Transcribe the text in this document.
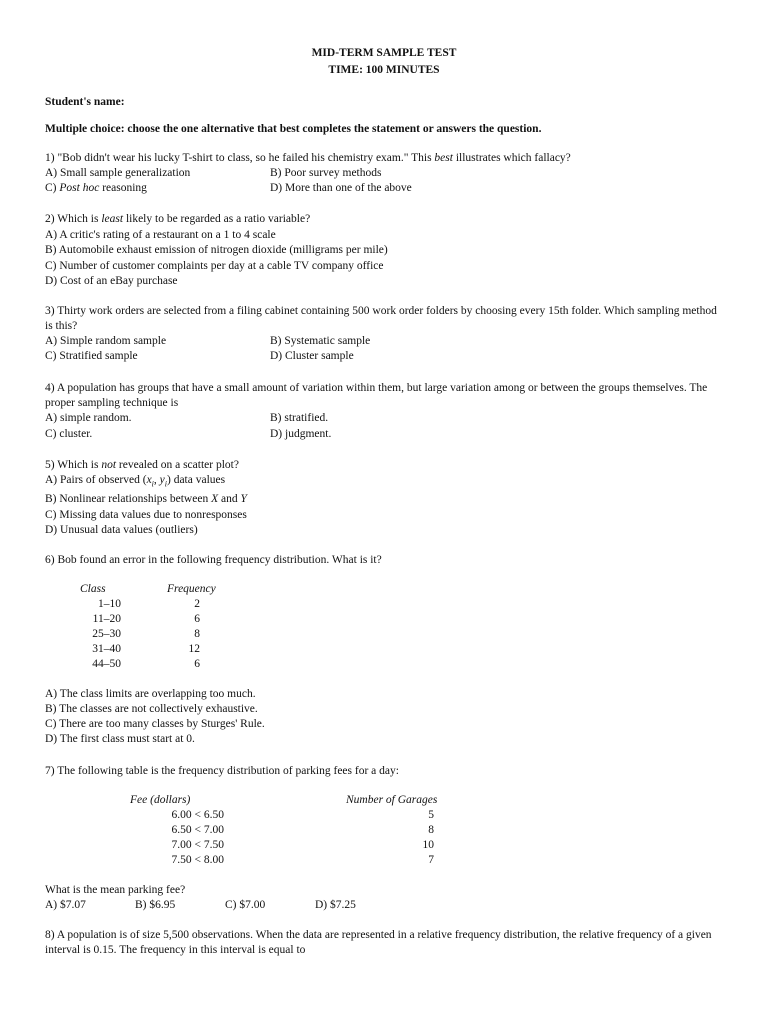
MID-TERM SAMPLE TEST
TIME: 100 MINUTES
Student's name:
Multiple choice: choose the one alternative that best completes the statement or answers the question.
1) "Bob didn't wear his lucky T-shirt to class, so he failed his chemistry exam." This best illustrates which fallacy?
A) Small sample generalization	B) Poor survey methods
C) Post hoc reasoning	D) More than one of the above
2) Which is least likely to be regarded as a ratio variable?
A) A critic's rating of a restaurant on a 1 to 4 scale
B) Automobile exhaust emission of nitrogen dioxide (milligrams per mile)
C) Number of customer complaints per day at a cable TV company office
D) Cost of an eBay purchase
3) Thirty work orders are selected from a filing cabinet containing 500 work order folders by choosing every 15th folder. Which sampling method is this?
A) Simple random sample	B) Systematic sample
C) Stratified sample	D) Cluster sample
4) A population has groups that have a small amount of variation within them, but large variation among or between the groups themselves. The proper sampling technique is
A) simple random.	B) stratified.
C) cluster.	D) judgment.
5) Which is not revealed on a scatter plot?
A) Pairs of observed ($x_i$, $y_i$) data values
B) Nonlinear relationships between X and Y
C) Missing data values due to nonresponses
D) Unusual data values (outliers)
6) Bob found an error in the following frequency distribution. What is it?
Class	Frequency
1–10	2
11–20	6
25–30	8
31–40	12
44–50	6
A) The class limits are overlapping too much.
B) The classes are not collectively exhaustive.
C) There are too many classes by Sturges' Rule.
D) The first class must start at 0.
7) The following table is the frequency distribution of parking fees for a day:
Fee (dollars)	Number of Garages
6.00 < 6.50	5
6.50 < 7.00	8
7.00 < 7.50	10
7.50 < 8.00	7
What is the mean parking fee?
A) $7.07	B) $6.95	C) $7.00	D) $7.25
8) A population is of size 5,500 observations. When the data are represented in a relative frequency distribution, the relative frequency of a given interval is 0.15. The frequency in this interval is equal to
